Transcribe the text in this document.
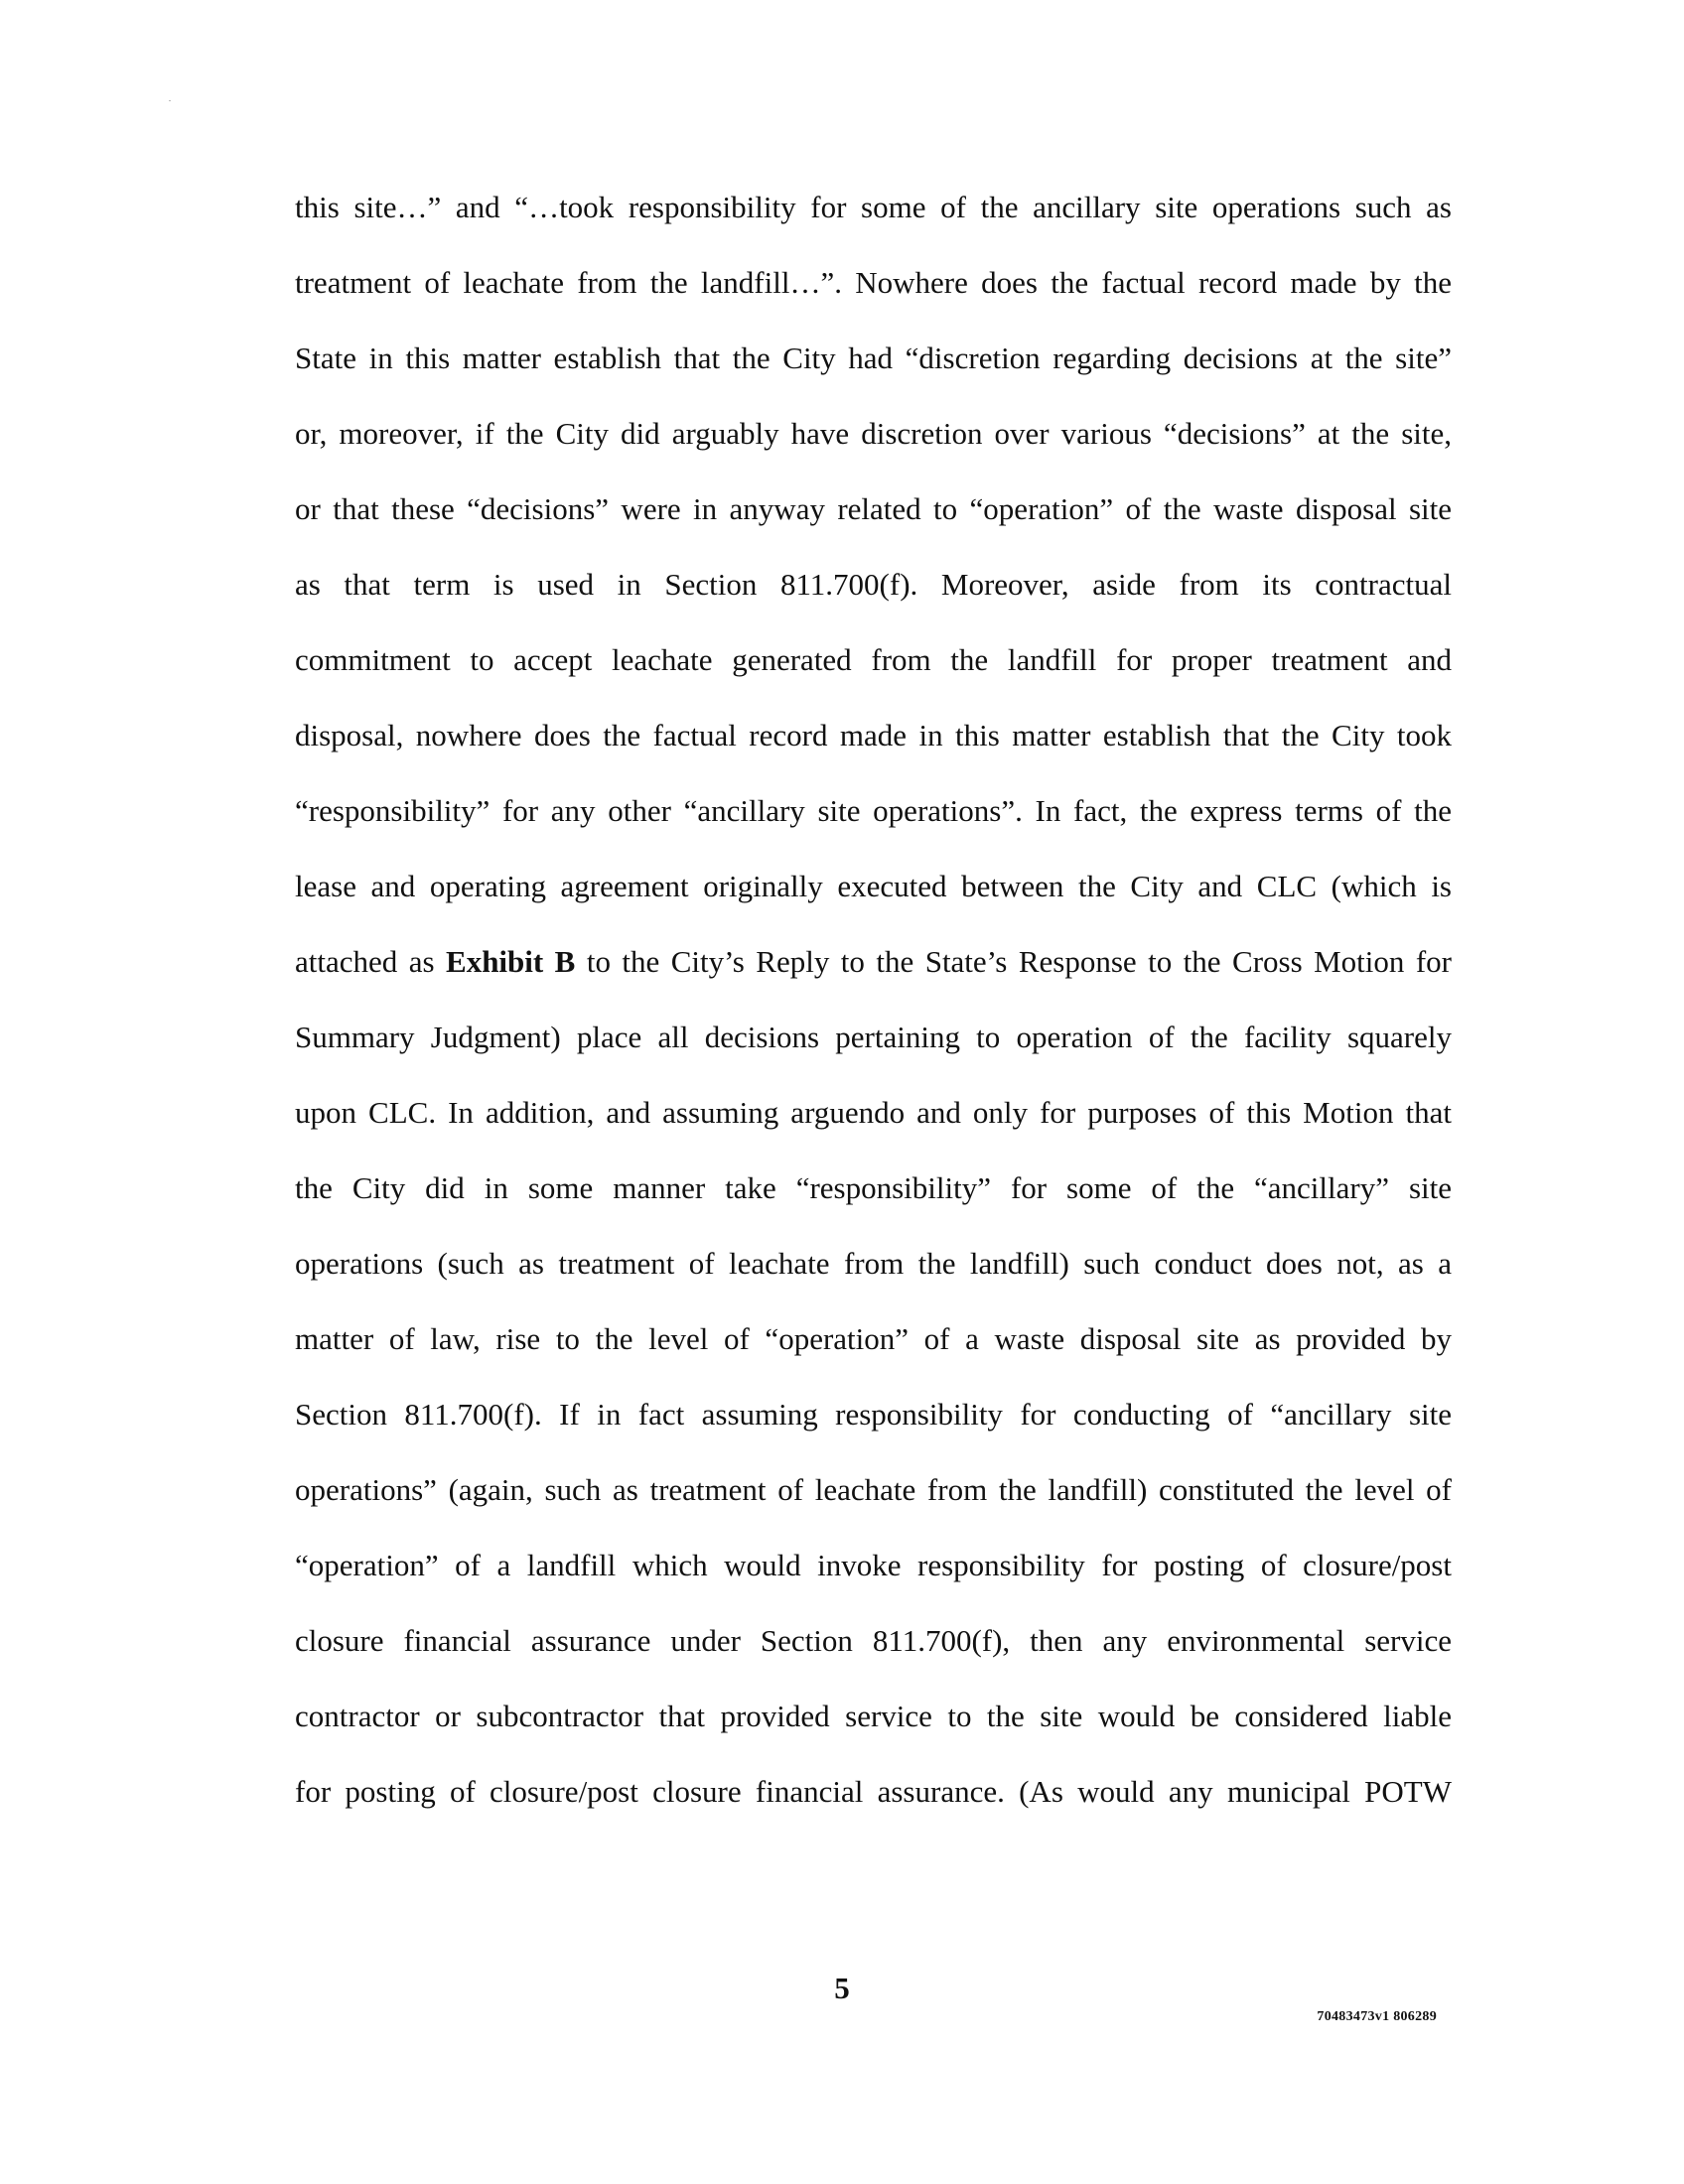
this site…” and “…took responsibility for some of the ancillary site operations such as
treatment of leachate from the landfill…”. Nowhere does the factual record made by the
State in this matter establish that the City had “discretion regarding decisions at the site”
or, moreover, if the City did arguably have discretion over various “decisions” at the site,
or that these “decisions” were in anyway related to “operation” of the waste disposal site
as that term is used in Section 811.700(f). Moreover, aside from its contractual
commitment to accept leachate generated from the landfill for proper treatment and
disposal, nowhere does the factual record made in this matter establish that the City took
“responsibility” for any other “ancillary site operations”. In fact, the express terms of the
lease and operating agreement originally executed between the City and CLC (which is
attached as Exhibit B to the City’s Reply to the State’s Response to the Cross Motion for
Summary Judgment) place all decisions pertaining to operation of the facility squarely
upon CLC. In addition, and assuming arguendo and only for purposes of this Motion that
the City did in some manner take “responsibility” for some of the “ancillary” site
operations (such as treatment of leachate from the landfill) such conduct does not, as a
matter of law, rise to the level of “operation” of a waste disposal site as provided by
Section 811.700(f). If in fact assuming responsibility for conducting of “ancillary site
operations” (again, such as treatment of leachate from the landfill) constituted the level of
“operation” of a landfill which would invoke responsibility for posting of closure/post
closure financial assurance under Section 811.700(f), then any environmental service
contractor or subcontractor that provided service to the site would be considered liable
for posting of closure/post closure financial assurance. (As would any municipal POTW
5
70483473v1 806289
